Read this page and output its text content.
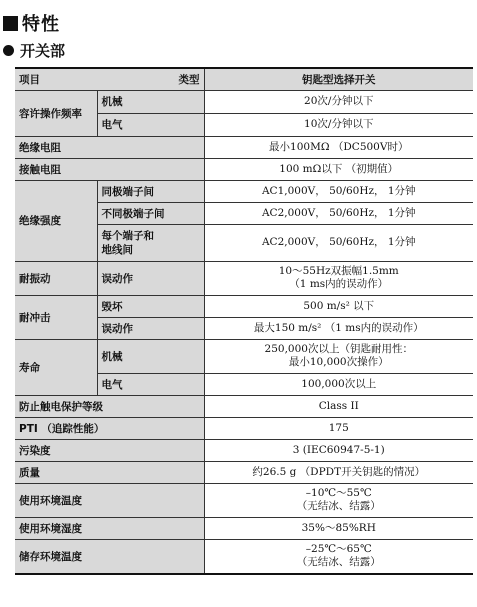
特性
开关部
项目	类型	钥匙型选择开关
容许操作频率	机械	20次/分钟以下
	电气	10次/分钟以下
绝缘电阻		最小100MΩ （DC500V时）
接触电阻		100 mΩ以下 （初期值）
绝缘强度	同极端子间	AC1,000V， 50/60Hz， 1分钟
	不同极端子间	AC2,000V， 50/60Hz， 1分钟

	每个端子和
地线间	AC2,000V， 50/60Hz， 1分钟
耐振动	误动作	10～55Hz双振幅1.5mm
（1 ms内的误动作）

耐冲击	毁坏	500 m/s² 以下
	误动作	最大150 m/s² （1 ms内的误动作）
寿命	机械	250,000次以上（钥匙耐用性：
最小10,000次操作）

	电气	100,000次以上
防止触电保护等级		Class II
PTI （追踪性能）		175
污染度		3 (IEC60947-5-1)
质量		约26.5 g （DPDT开关钥匙的情况）
使用环境温度		–10℃～55℃
（无结冰、结露）

使用环境湿度		35%～85%RH
储存环境温度		–25℃～65℃
（无结冰、结露）
